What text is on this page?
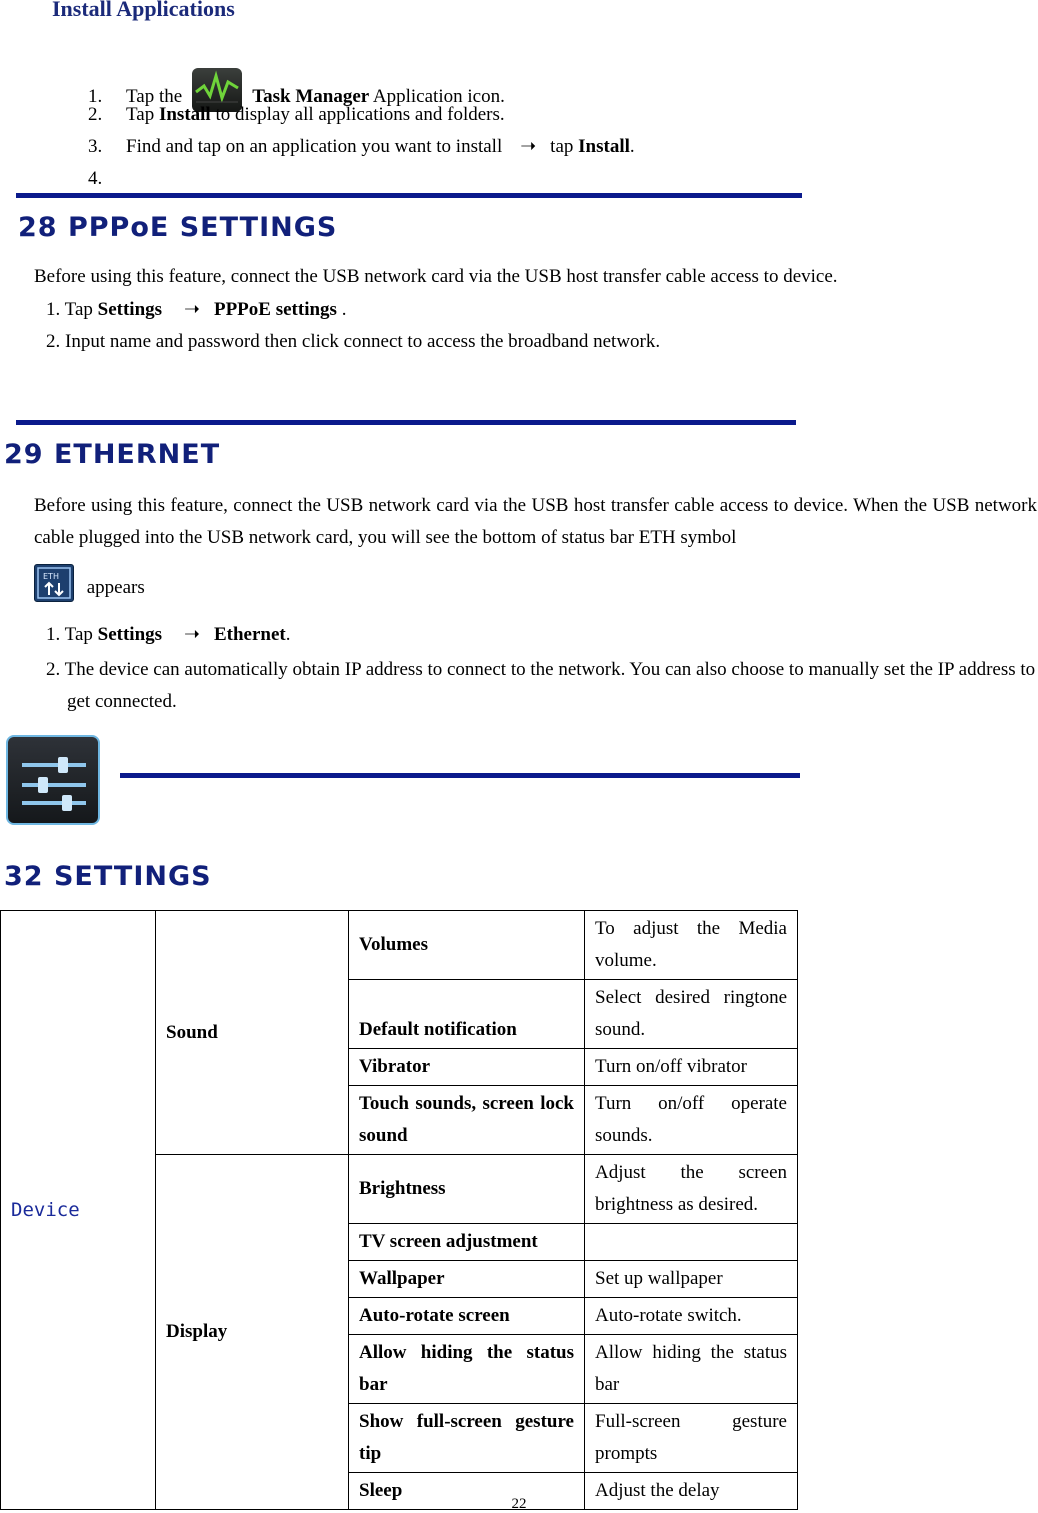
Install Applications
1. Tap the	Task Manager Application icon.
2. Tap Install to display all applications and folders.
3. Find and tap on an application you want to install ➝ tap Install.
4.
28 PPPoE SETTINGS
Before using this feature, connect the USB network card via the USB host transfer cable access to device.
1. Tap Settings ➝ PPPoE settings .
2. Input name and password then click connect to access the broadband network.
29 ETHERNET
Before using this feature, connect the USB network card via the USB host transfer cable access to device. When the USB network cable plugged into the USB network card, you will see the bottom of status bar ETH symbol
ETH
appears
1. Tap Settings ➝ Ethernet.
2. The device can automatically obtain IP address to connect to the network. You can also choose to manually set the IP address to get connected.
32 SETTINGS
Device	Sound	Volumes	To adjust the Media volume.
		Default notification	Select desired ringtone sound.
		Vibrator	Turn on/off vibrator
		Touch sounds, screen lock sound	Turn on/off operate sounds.
	Display	Brightness	Adjust the screen brightness as desired.
		TV screen adjustment	
		Wallpaper	Set up wallpaper
		Auto-rotate screen	Auto-rotate switch.
		Allow hiding the status bar	Allow hiding the status bar
		Show full-screen gesture tip	Full-screen gesture prompts
		Sleep	Adjust the delay
22
